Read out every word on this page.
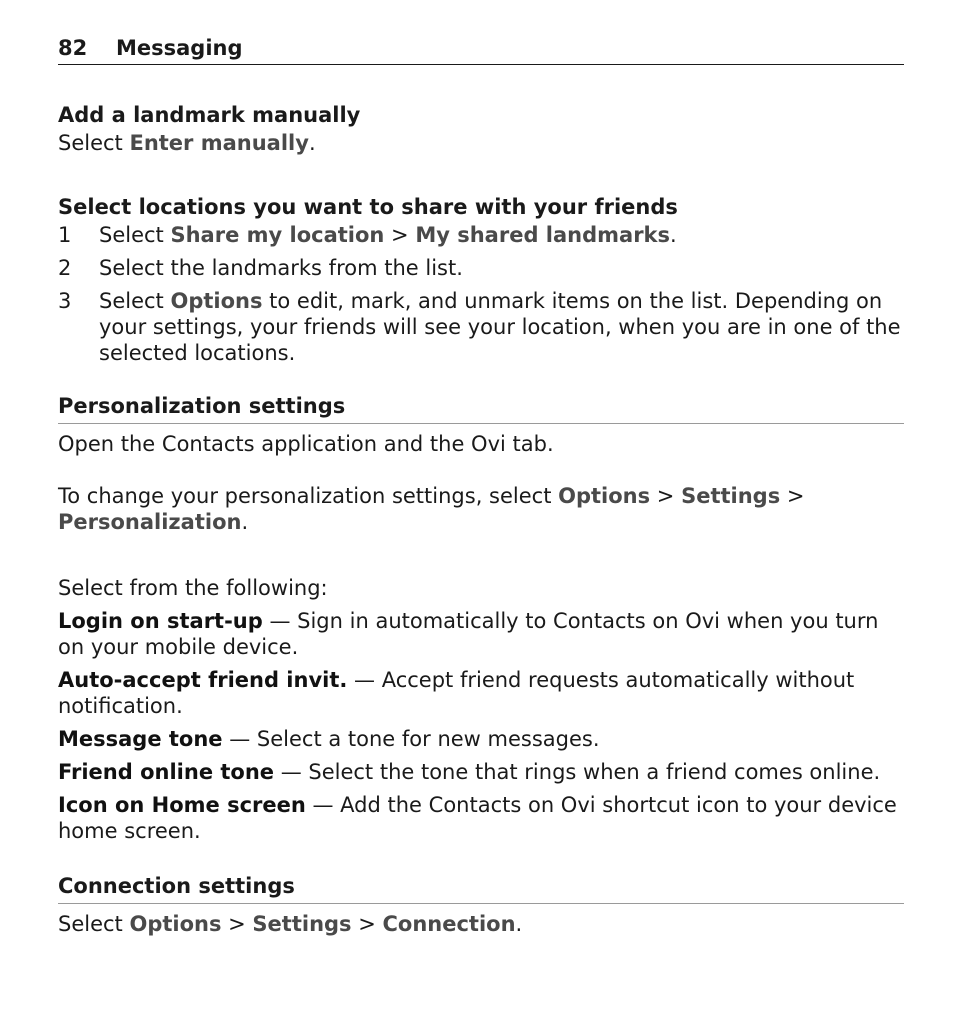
82 Messaging

Add a landmark manually

Select Enter manually.

Select locations you want to share with your friends

1	Select Share my location > My shared landmarks.
2	Select the landmarks from the list.
3	Select Options to edit, mark, and unmark items on the list. Depending on your settings, your friends will see your location, when you are in one of the selected locations.

Personalization settings

Open the Contacts application and the Ovi tab.

To change your personalization settings, select Options > Settings > Personalization.

Select from the following:

Login on start-up — Sign in automatically to Contacts on Ovi when you turn on your mobile device.

Auto-accept friend invit. — Accept friend requests automatically without notification.

Message tone — Select a tone for new messages.

Friend online tone — Select the tone that rings when a friend comes online.

Icon on Home screen — Add the Contacts on Ovi shortcut icon to your device home screen.

Connection settings

Select Options > Settings > Connection.
